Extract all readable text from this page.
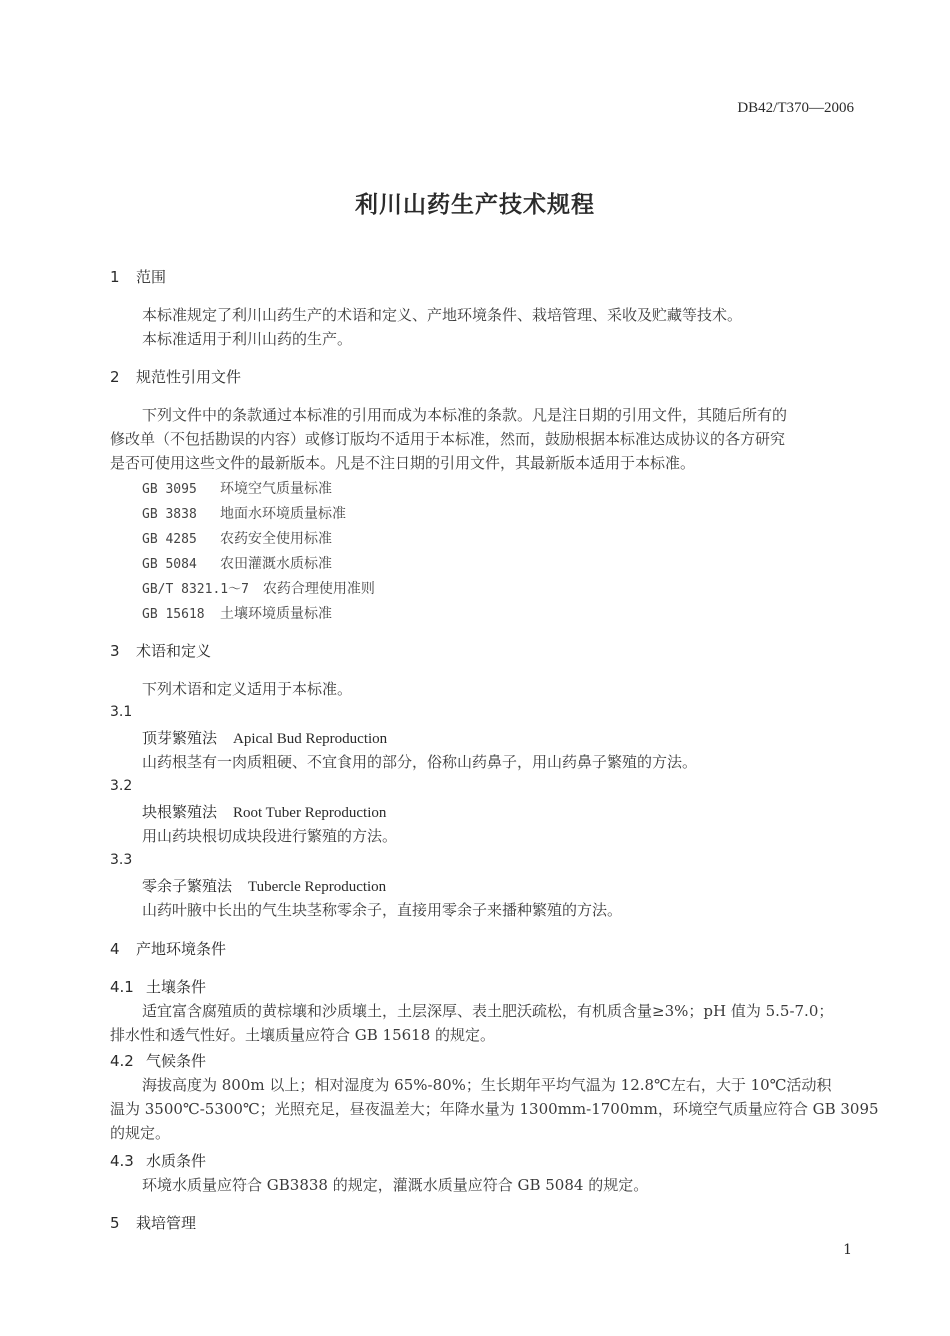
DB42/T370—2006
利川山药生产技术规程
1 范围
本标准规定了利川山药生产的术语和定义、产地环境条件、栽培管理、采收及贮藏等技术。
本标准适用于利川山药的生产。
2 规范性引用文件
下列文件中的条款通过本标准的引用而成为本标准的条款。凡是注日期的引用文件，其随后所有的
修改单（不包括勘误的内容）或修订版均不适用于本标准，然而，鼓励根据本标准达成协议的各方研究
是否可使用这些文件的最新版本。凡是不注日期的引用文件，其最新版本适用于本标准。
GB 3095 环境空气质量标准
GB 3838 地面水环境质量标准
GB 4285 农药安全使用标准
GB 5084 农田灌溉水质标准
GB/T 8321.1～7 农药合理使用准则
GB 15618 土壤环境质量标准
3 术语和定义
下列术语和定义适用于本标准。
3.1
顶芽繁殖法 Apical Bud Reproduction
山药根茎有一肉质粗硬、不宜食用的部分，俗称山药鼻子，用山药鼻子繁殖的方法。
3.2
块根繁殖法 Root Tuber Reproduction
用山药块根切成块段进行繁殖的方法。
3.3
零余子繁殖法 Tubercle Reproduction
山药叶腋中长出的气生块茎称零余子，直接用零余子来播种繁殖的方法。
4 产地环境条件
4.1 土壤条件
适宜富含腐殖质的黄棕壤和沙质壤土，土层深厚、表土肥沃疏松，有机质含量≥3%；pH 值为 5.5-7.0；
排水性和透气性好。土壤质量应符合 GB 15618 的规定。
4.2 气候条件
海拔高度为 800m 以上；相对湿度为 65%-80%；生长期年平均气温为 12.8℃左右，大于 10℃活动积
温为 3500℃-5300℃；光照充足，昼夜温差大；年降水量为 1300mm-1700mm，环境空气质量应符合 GB 3095
的规定。
4.3 水质条件
环境水质量应符合 GB3838 的规定，灌溉水质量应符合 GB 5084 的规定。
5 栽培管理
1
